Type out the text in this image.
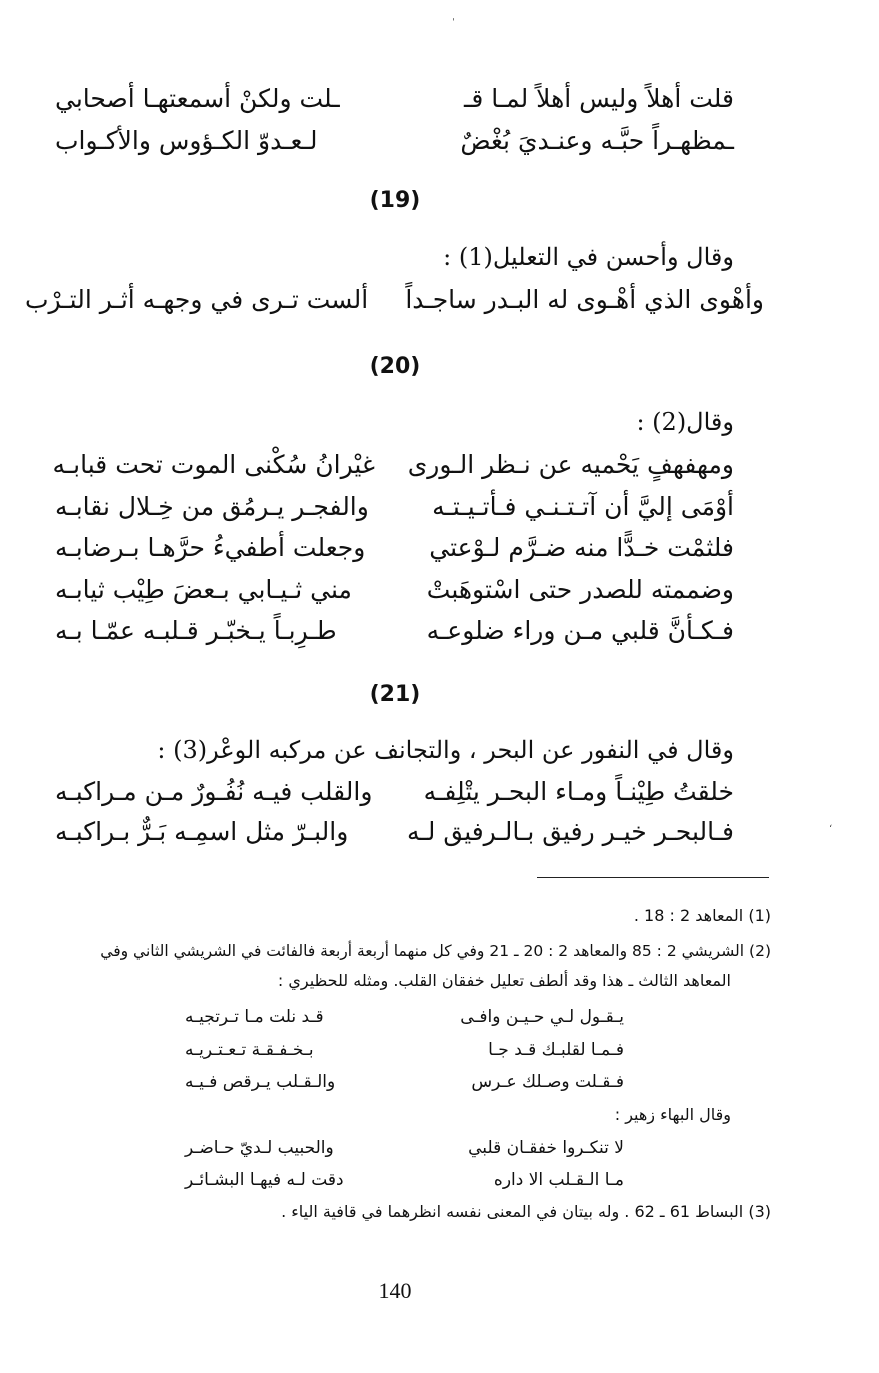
قلت أهلاً وليس أهلاً لمـا قـ
ـلت ولكنْ أسمعتهـا أصحابي
ـمظهـراً حبَّـه وعنـديَ بُغْضٌ
لـعـدوّ الكـؤوس والأكـواب
(19)
وقال وأحسن في التعليل(1) :
وأهْوى الذي أهْـوى له البـدر ساجـداً
ألست تـرى في وجهـه أثـر التـرْب
(20)
وقال(2) :
ومهفهفٍ يَحْميه عن نـظر الـورى
غيْرانُ سُكْنى الموت تحت قبابـه
أوْمَى إليَّ أن آتـتـنـي فـأتـيـتـه
والفجـر يـرمُق من خِـلال نقابـه
فلثمْت خـدًّا منه ضـرَّم لـوْعتي
وجعلت أطفيءُ حرَّهـا بـرضابـه
وضممته للصدر حتى اسْتوهَبتْ
مني ثـيـابي بـعضَ طِيْب ثيابـه
فـكـأنَّ قلبي مـن وراء ضلوعـه
طـرِبـاً يـخبّـر قـلبـه عمّـا بـه
(21)
وقال في النفور عن البحر ، والتجانف عن مركبه الوعْر(3) :
خلقتُ طِيْنـاً ومـاء البحـر يتْلِفـه
والقلب فيـه نُفُـورٌ مـن مـراكبـه
فـالبحـر خيـر رفيق بـالـرفيق لـه
والبـرّ مثل اسمِـه بَـرٌّ بـراكبـه
(1) المعاهد 2 : 18 .
(2) الشريشي 2 : 85 والمعاهد 2 : 20 ـ 21 وفي كل منهما أربعة أربعة فالفائت في الشريشي الثاني وفي
المعاهد الثالث ـ هذا وقد ألطف تعليل خفقان القلب. ومثله للحظيري :
يـقـول لـي حـيـن وافـى
قـد نلت مـا تـرتجيـه
فـمـا لقلبـك قـد جـا
بـخـفـقـة تـعـتـريـه
فـقـلت وصـلك عـرس
والـقـلب يـرقص فـيـه
وقال البهاء زهير :
لا تنكـروا خفقـان قلبي
والحبيب لـديّ حـاضـر
مـا الـقـلب الا داره
دقت لـه فيهـا البشـائـر
(3) البساط 61 ـ 62 . وله بيتان في المعنى نفسه انظرهما في قافية الياء .
140
ˈ
‘
